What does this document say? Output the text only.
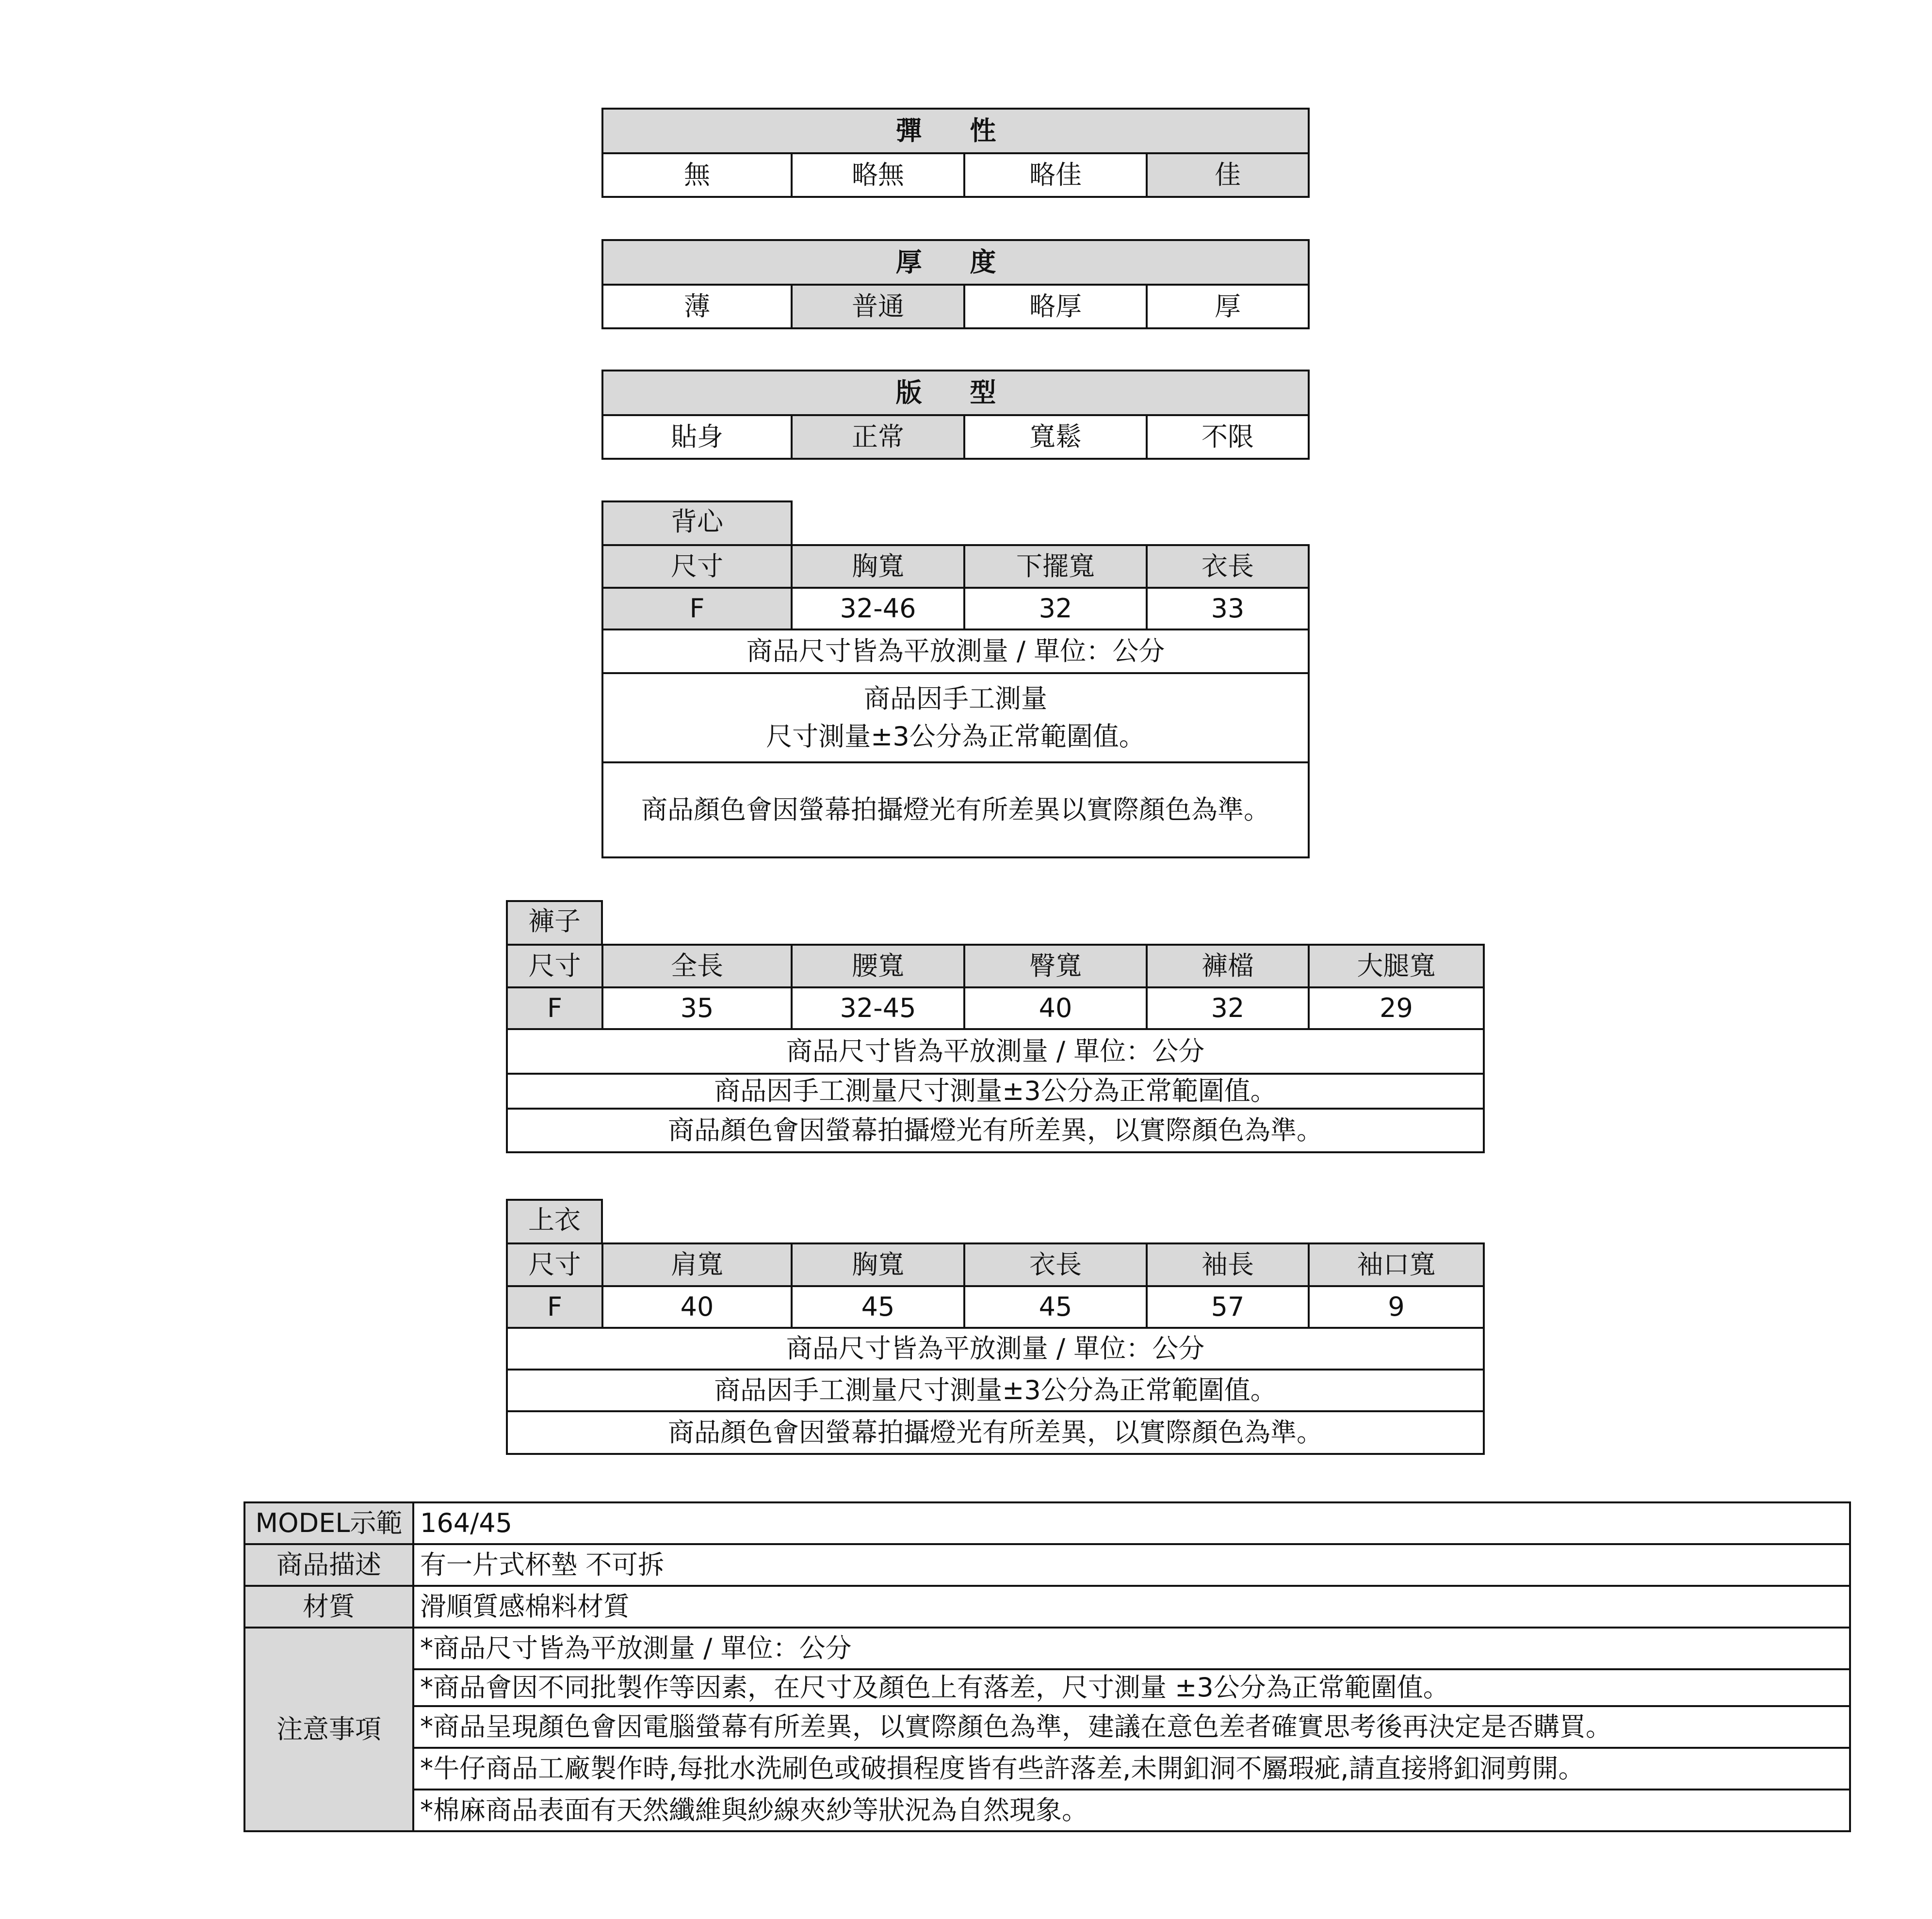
彈 性
無	略無	略佳	佳
厚 度
薄	普通	略厚	厚
版 型
貼身	正常	寬鬆	不限
背心
尺寸	胸寬	下擺寬	衣長
F	32-46	32	33
商品尺寸皆為平放測量 / 單位：公分			

商品因手工測量
尺寸測量±3公分為正常範圍值。			

商品顏色會因螢幕拍攝燈光有所差異以實際顏色為準。			
褲子
尺寸	全長	腰寬	臀寬	褲檔	大腿寬
F	35	32-45	40	32	29
商品尺寸皆為平放測量 / 單位：公分					
商品因手工測量尺寸測量±3公分為正常範圍值。					
商品顏色會因螢幕拍攝燈光有所差異，以實際顏色為準。					
上衣
尺寸	肩寬	胸寬	衣長	袖長	袖口寬
F	40	45	45	57	9
商品尺寸皆為平放測量 / 單位：公分					
商品因手工測量尺寸測量±3公分為正常範圍值。					
商品顏色會因螢幕拍攝燈光有所差異，以實際顏色為準。					
MODEL示範	164/45
商品描述	有一片式杯墊 不可拆
材質	滑順質感棉料材質
注意事項	*商品尺寸皆為平放測量 / 單位：公分
	*商品會因不同批製作等因素，在尺寸及顏色上有落差，尺寸測量 ±3公分為正常範圍值。
	*商品呈現顏色會因電腦螢幕有所差異，以實際顏色為準，建議在意色差者確實思考後再決定是否購買。
	*牛仔商品工廠製作時,每批水洗刷色或破損程度皆有些許落差,未開釦洞不屬瑕疵,請直接將釦洞剪開。
	*棉麻商品表面有天然纖維與紗線夾紗等狀況為自然現象。
